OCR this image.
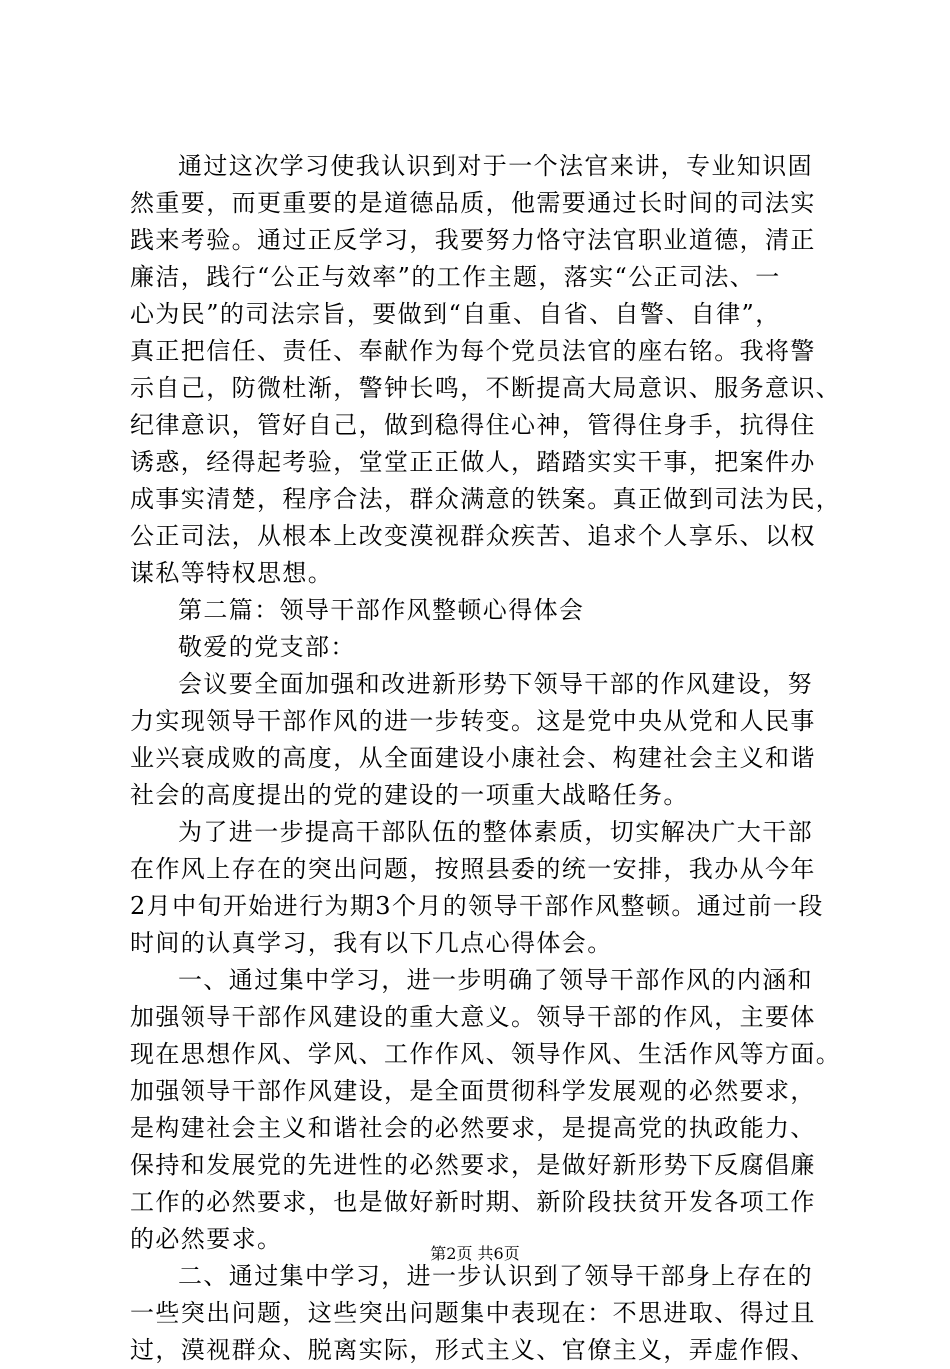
通过这次学习使我认识到对于一个法官来讲，专业知识固
然重要，而更重要的是道德品质，他需要通过长时间的司法实
践来考验。通过正反学习，我要努力恪守法官职业道德，清正
廉洁，践行“公正与效率”的工作主题，落实“公正司法、一
心为民”的司法宗旨，要做到“自重、自省、自警、自律”，
真正把信任、责任、奉献作为每个党员法官的座右铭。我将警
示自己，防微杜渐，警钟长鸣，不断提高大局意识、服务意识、
纪律意识，管好自己，做到稳得住心神，管得住身手，抗得住
诱惑，经得起考验，堂堂正正做人，踏踏实实干事，把案件办
成事实清楚，程序合法，群众满意的铁案。真正做到司法为民，
公正司法，从根本上改变漠视群众疾苦、追求个人享乐、以权
谋私等特权思想。
第二篇：领导干部作风整顿心得体会
敬爱的党支部：
会议要全面加强和改进新形势下领导干部的作风建设，努
力实现领导干部作风的进一步转变。这是党中央从党和人民事
业兴衰成败的高度，从全面建设小康社会、构建社会主义和谐
社会的高度提出的党的建设的一项重大战略任务。
为了进一步提高干部队伍的整体素质，切实解决广大干部
在作风上存在的突出问题，按照县委的统一安排，我办从今年
2月中旬开始进行为期3个月的领导干部作风整顿。通过前一段
时间的认真学习，我有以下几点心得体会。
一、通过集中学习，进一步明确了领导干部作风的内涵和
加强领导干部作风建设的重大意义。领导干部的作风，主要体
现在思想作风、学风、工作作风、领导作风、生活作风等方面。
加强领导干部作风建设，是全面贯彻科学发展观的必然要求，
是构建社会主义和谐社会的必然要求，是提高党的执政能力、
保持和发展党的先进性的必然要求，是做好新形势下反腐倡廉
工作的必然要求，也是做好新时期、新阶段扶贫开发各项工作
的必然要求。
二、通过集中学习，进一步认识到了领导干部身上存在的
一些突出问题，这些突出问题集中表现在：不思进取、得过且
过，漠视群众、脱离实际，形式主义、官僚主义，弄虚作假、
第2页 共6页
